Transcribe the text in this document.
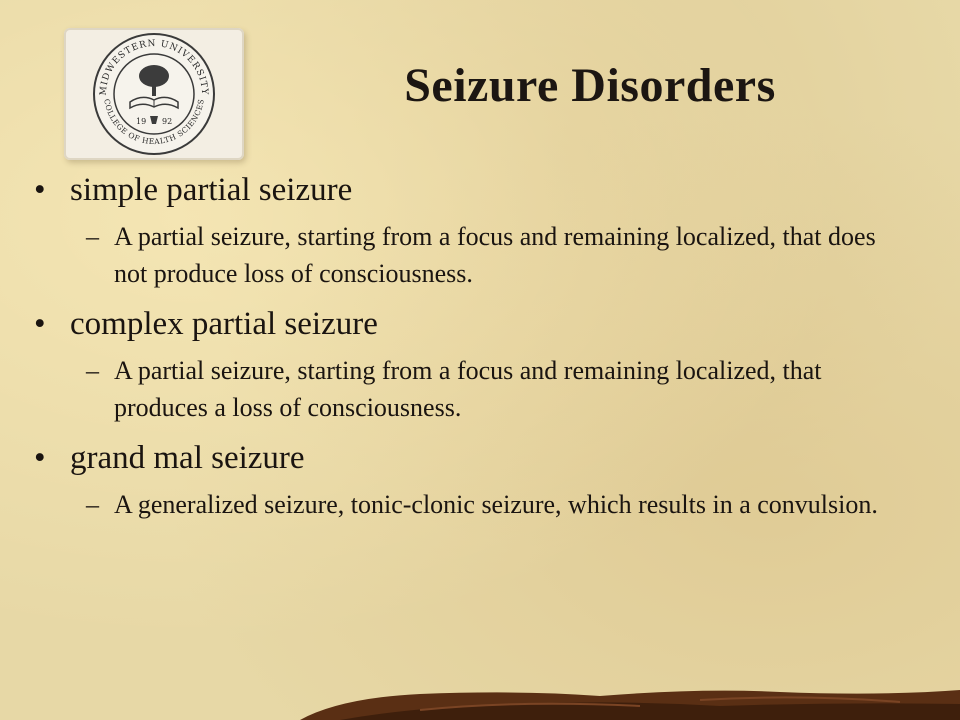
MIDWESTERN UNIVERSITY
COLLEGE OF HEALTH SCIENCES
19 92
Seizure Disorders
• simple partial seizure
– A partial seizure, starting from a focus and remaining localized, that does not produce loss of consciousness.
• complex partial seizure
– A partial seizure, starting from a focus and remaining localized, that produces a loss of consciousness.
• grand mal seizure
– A generalized seizure, tonic-clonic seizure, which results in a convulsion.
